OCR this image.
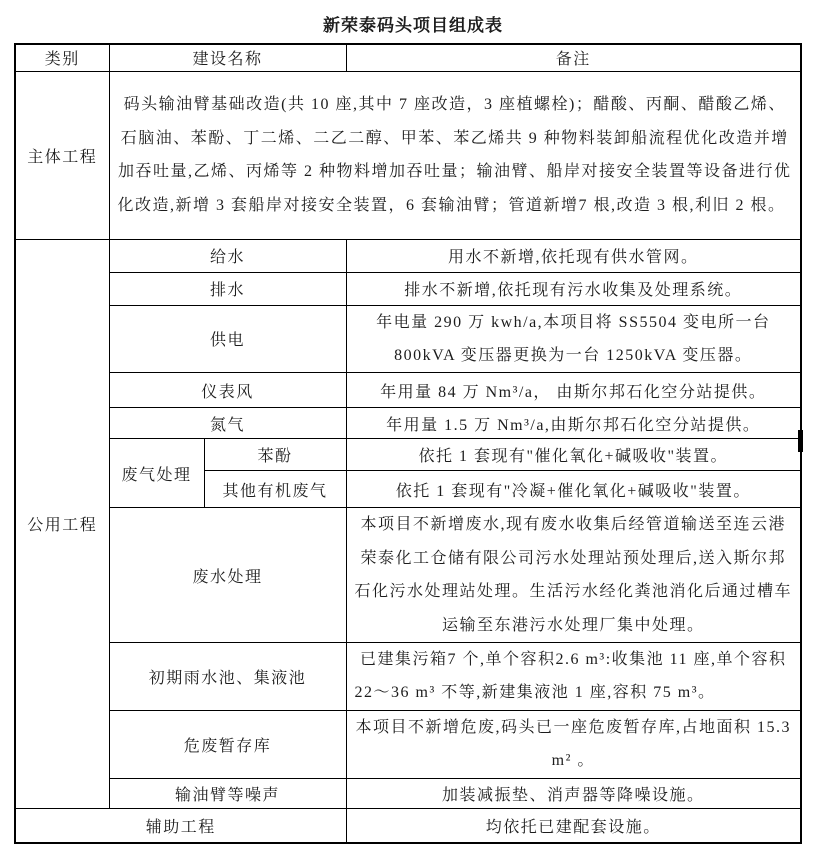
新荣泰码头项目组成表
类别	建设名称		备注
主体工程	码头输油臂基础改造(共 10 座,其中 7 座改造，3 座植螺栓)；醋酸、丙酮、醋酸乙烯、石脑油、苯酚、丁二烯、二乙二醇、甲苯、苯乙烯共 9 种物料装卸船流程优化改造并增加吞吐量,乙烯、丙烯等 2 种物料增加吞吐量；输油臂、船岸对接安全装置等设备进行优化改造,新增 3 套船岸对接安全装置，6 套输油臂；管道新增7 根,改造 3 根,利旧 2 根。		
公用工程	给水		用水不新增,依托现有供水管网。
	排水		排水不新增,依托现有污水收集及处理系统。
	供电		年电量 290 万 kwh/a,本项目将 SS5504 变电所一台 800kVA 变压器更换为一台 1250kVA 变压器。
	仪表风		年用量 84 万 Nm³/a， 由斯尔邦石化空分站提供。
	氮气		年用量 1.5 万 Nm³/a,由斯尔邦石化空分站提供。
	废气处理	苯酚	依托 1 套现有"催化氧化+碱吸收"装置。
		其他有机废气	依托 1 套现有"冷凝+催化氧化+碱吸收"装置。
	废水处理		本项目不新增废水,现有废水收集后经管道输送至连云港荣泰化工仓储有限公司污水处理站预处理后,送入斯尔邦石化污水处理站处理。生活污水经化粪池消化后通过槽车运输至东港污水处理厂集中处理。
	初期雨水池、集液池		已建集污箱7 个,单个容积2.6 m³:收集池 11 座,单个容积 22～36 m³ 不等,新建集液池 1 座,容积 75 m³。
	危废暂存库		本项目不新增危废,码头已一座危废暂存库,占地面积 15.3 m² 。
	输油臂等噪声		加装减振垫、消声器等降噪设施。
辅助工程			均依托已建配套设施。
